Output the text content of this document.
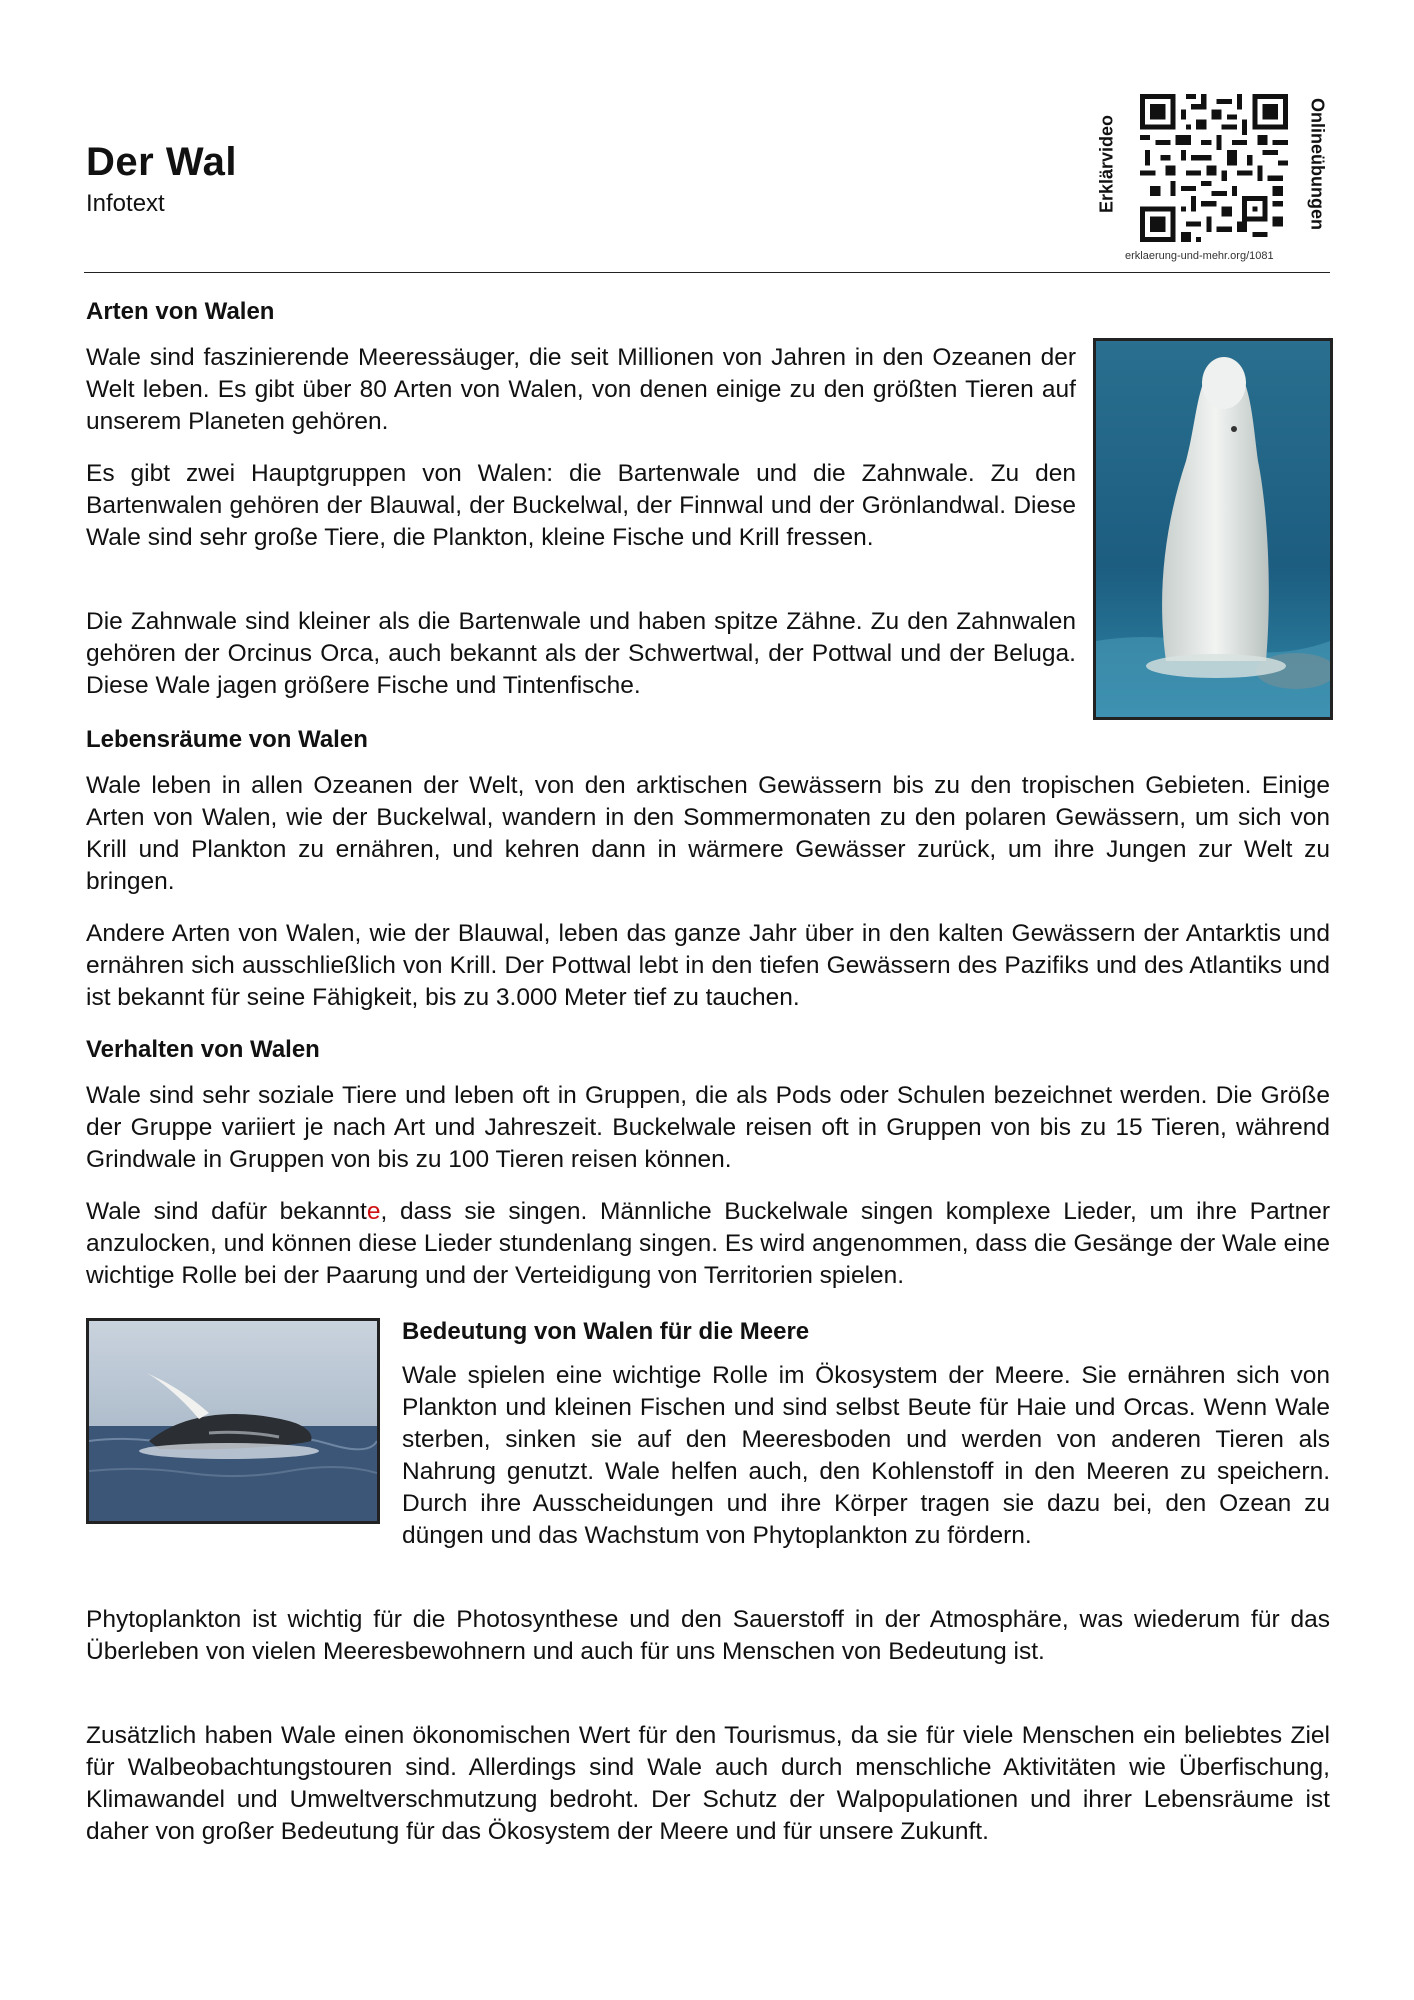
Der Wal
Infotext	Erklärvideo	Onlineübungen
erklaerung-und-mehr.org/1081
Arten von Walen

Wale sind faszinierende Meeressäuger, die seit Millionen von Jahren in den Ozeanen der Welt leben. Es gibt über 80 Arten von Walen, von denen einige zu den größten Tieren auf unserem Planeten gehören.

Es gibt zwei Hauptgruppen von Walen: die Bartenwale und die Zahnwale. Zu den Bartenwalen gehören der Blauwal, der Buckelwal, der Finnwal und der Grönlandwal. Diese Wale sind sehr große Tiere, die Plankton, kleine Fische und Krill fressen.

Die Zahnwale sind kleiner als die Bartenwale und haben spitze Zähne. Zu den Zahnwalen gehören der Orcinus Orca, auch bekannt als der Schwertwal, der Pottwal und der Beluga. Diese Wale jagen größere Fische und Tintenfische.

Lebensräume von Walen

Wale leben in allen Ozeanen der Welt, von den arktischen Gewässern bis zu den tropischen Gebieten. Einige Arten von Walen, wie der Buckelwal, wandern in den Sommermonaten zu den polaren Gewässern, um sich von Krill und Plankton zu ernähren, und kehren dann in wärmere Gewässer zurück, um ihre Jungen zur Welt zu bringen.

Andere Arten von Walen, wie der Blauwal, leben das ganze Jahr über in den kalten Gewässern der Antarktis und ernähren sich ausschließlich von Krill. Der Pottwal lebt in den tiefen Gewässern des Pazifiks und des Atlantiks und ist bekannt für seine Fähigkeit, bis zu 3.000 Meter tief zu tauchen.

Verhalten von Walen

Wale sind sehr soziale Tiere und leben oft in Gruppen, die als Pods oder Schulen bezeichnet werden. Die Größe der Gruppe variiert je nach Art und Jahreszeit. Buckelwale reisen oft in Gruppen von bis zu 15 Tieren, während Grindwale in Gruppen von bis zu 100 Tieren reisen können.

Wale sind dafür bekannte, dass sie singen. Männliche Buckelwale singen komplexe Lieder, um ihre Partner anzulocken, und können diese Lieder stundenlang singen. Es wird angenommen, dass die Gesänge der Wale eine wichtige Rolle bei der Paarung und der Verteidigung von Territorien spielen.

Bedeutung von Walen für die Meere

Wale spielen eine wichtige Rolle im Ökosystem der Meere. Sie ernähren sich von Plankton und kleinen Fischen und sind selbst Beute für Haie und Orcas. Wenn Wale sterben, sinken sie auf den Meeresboden und werden von anderen Tieren als Nahrung genutzt. Wale helfen auch, den Kohlenstoff in den Meeren zu speichern. Durch ihre Ausscheidungen und ihre Körper tragen sie dazu bei, den Ozean zu düngen und das Wachstum von Phytoplankton zu fördern.

Phytoplankton ist wichtig für die Photosynthese und den Sauerstoff in der Atmosphäre, was wiederum für das Überleben von vielen Meeresbewohnern und auch für uns Menschen von Bedeutung ist.

Zusätzlich haben Wale einen ökonomischen Wert für den Tourismus, da sie für viele Menschen ein beliebtes Ziel für Walbeobachtungstouren sind. Allerdings sind Wale auch durch menschliche Aktivitäten wie Überfischung, Klimawandel und Umweltverschmutzung bedroht. Der Schutz der Walpopulationen und ihrer Lebensräume ist daher von großer Bedeutung für das Ökosystem der Meere und für unsere Zukunft.
